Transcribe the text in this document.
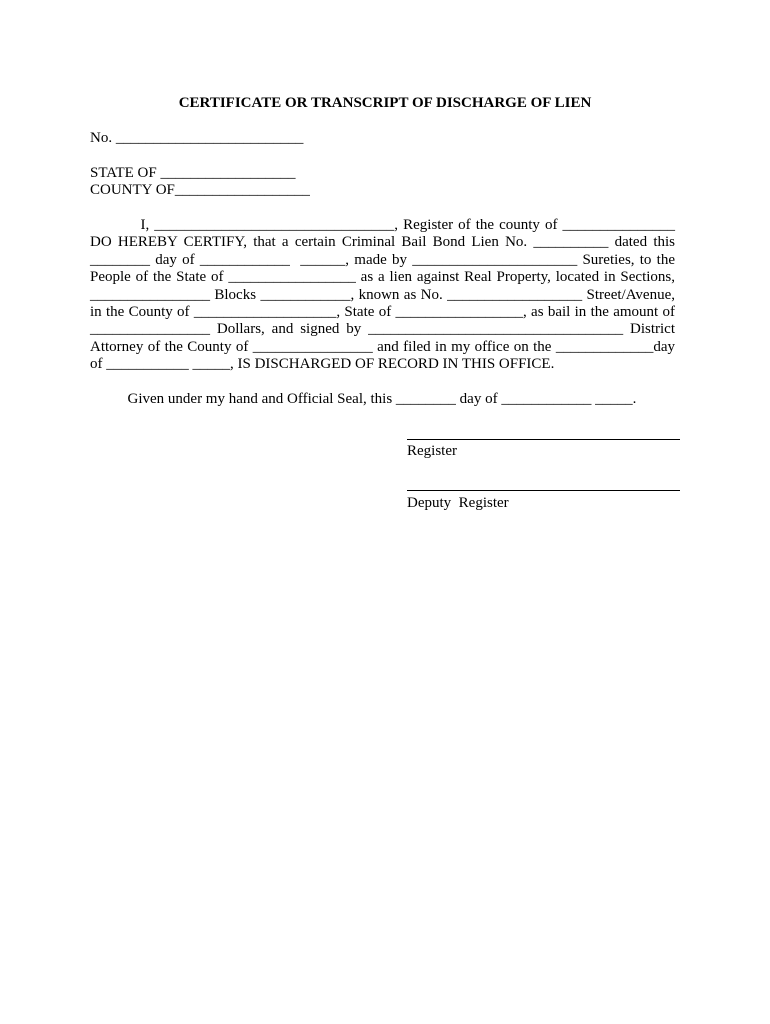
CERTIFICATE OR TRANSCRIPT OF DISCHARGE OF LIEN
No. _________________________
STATE OF __________________
COUNTY OF__________________
I, ________________________________, Register of the county of _______________
DO HEREBY CERTIFY, that a certain Criminal Bail Bond Lien No. __________ dated this
________ day of ____________  ______, made by ______________________ Sureties, to the
People of the State of _________________ as a lien against Real Property, located in Sections,
________________ Blocks ____________, known as No. __________________ Street/Avenue,
in the County of ___________________, State of _________________, as bail in the amount of
________________ Dollars, and signed by __________________________________ District
Attorney of the County of ________________ and filed in my office on the _____________day
of ___________ _____, IS DISCHARGED OF RECORD IN THIS OFFICE.
Given under my hand and Official Seal, this ________ day of ____________ _____.
Register
Deputy  Register
